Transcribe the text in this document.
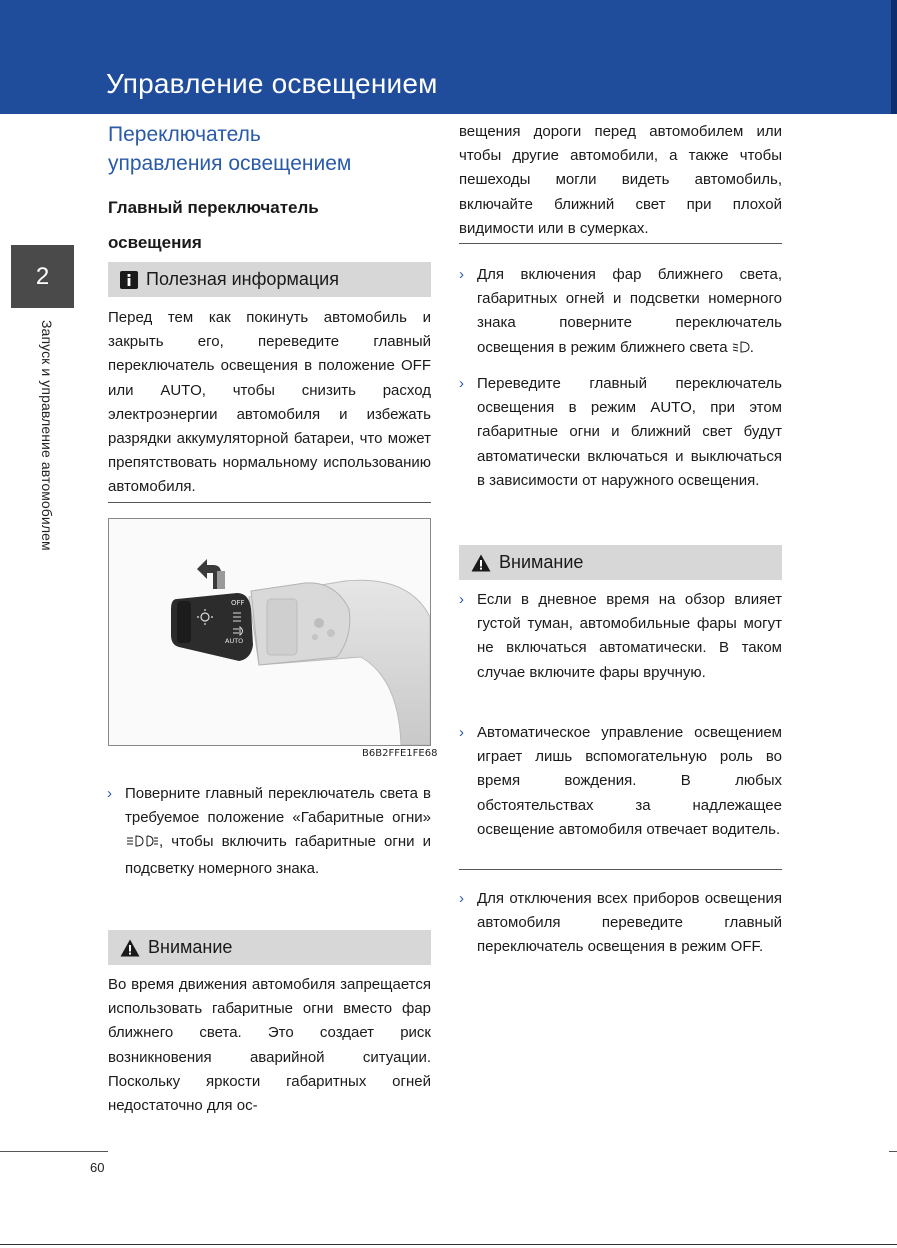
Управление освещением
2
Запуск и управление автомобилем
Переключатель
управления освещением
Главный переключатель
освещения
Полезная информация
Перед тем как покинуть автомобиль и закрыть его, переведите главный переключатель освещения в положение OFF или AUTO, чтобы снизить расход электроэнергии автомобиля и избежать разрядки аккумуляторной батареи, что может препятствовать нормальному использованию автомобиля.
OFF
AUTO
B6B2FFE1FE68
› Поверните главный переключатель света в требуемое положение «Габаритные огни» , чтобы включить габаритные огни и подсветку номерного знака.
Внимание
Во время движения автомобиля запрещается использовать габаритные огни вместо фар ближнего света. Это создает риск возникновения аварийной ситуации. Поскольку яркости габаритных огней недостаточно для ос-
› Для включения фар ближнего света, габаритных огней и подсветки номерного знака поверните переключатель освещения в режим ближнего света .
› Переведите главный переключатель освещения в режим AUTO, при этом габаритные огни и ближний свет будут автоматически включаться и выключаться в зависимости от наружного освещения.
Внимание
› Если в дневное время на обзор влияет густой туман, автомобильные фары могут не включаться автоматически. В таком случае включите фары вручную.
› Автоматическое управление освещением играет лишь вспомогательную роль во время вождения. В любых обстоятельствах за надлежащее освещение автомобиля отвечает водитель.
› Для отключения всех приборов освещения автомобиля переведите главный переключатель освещения в режим OFF.
вещения дороги перед автомобилем или чтобы другие автомобили, а также чтобы пешеходы могли видеть автомобиль, включайте ближний свет при плохой видимости или в сумерках.
60
